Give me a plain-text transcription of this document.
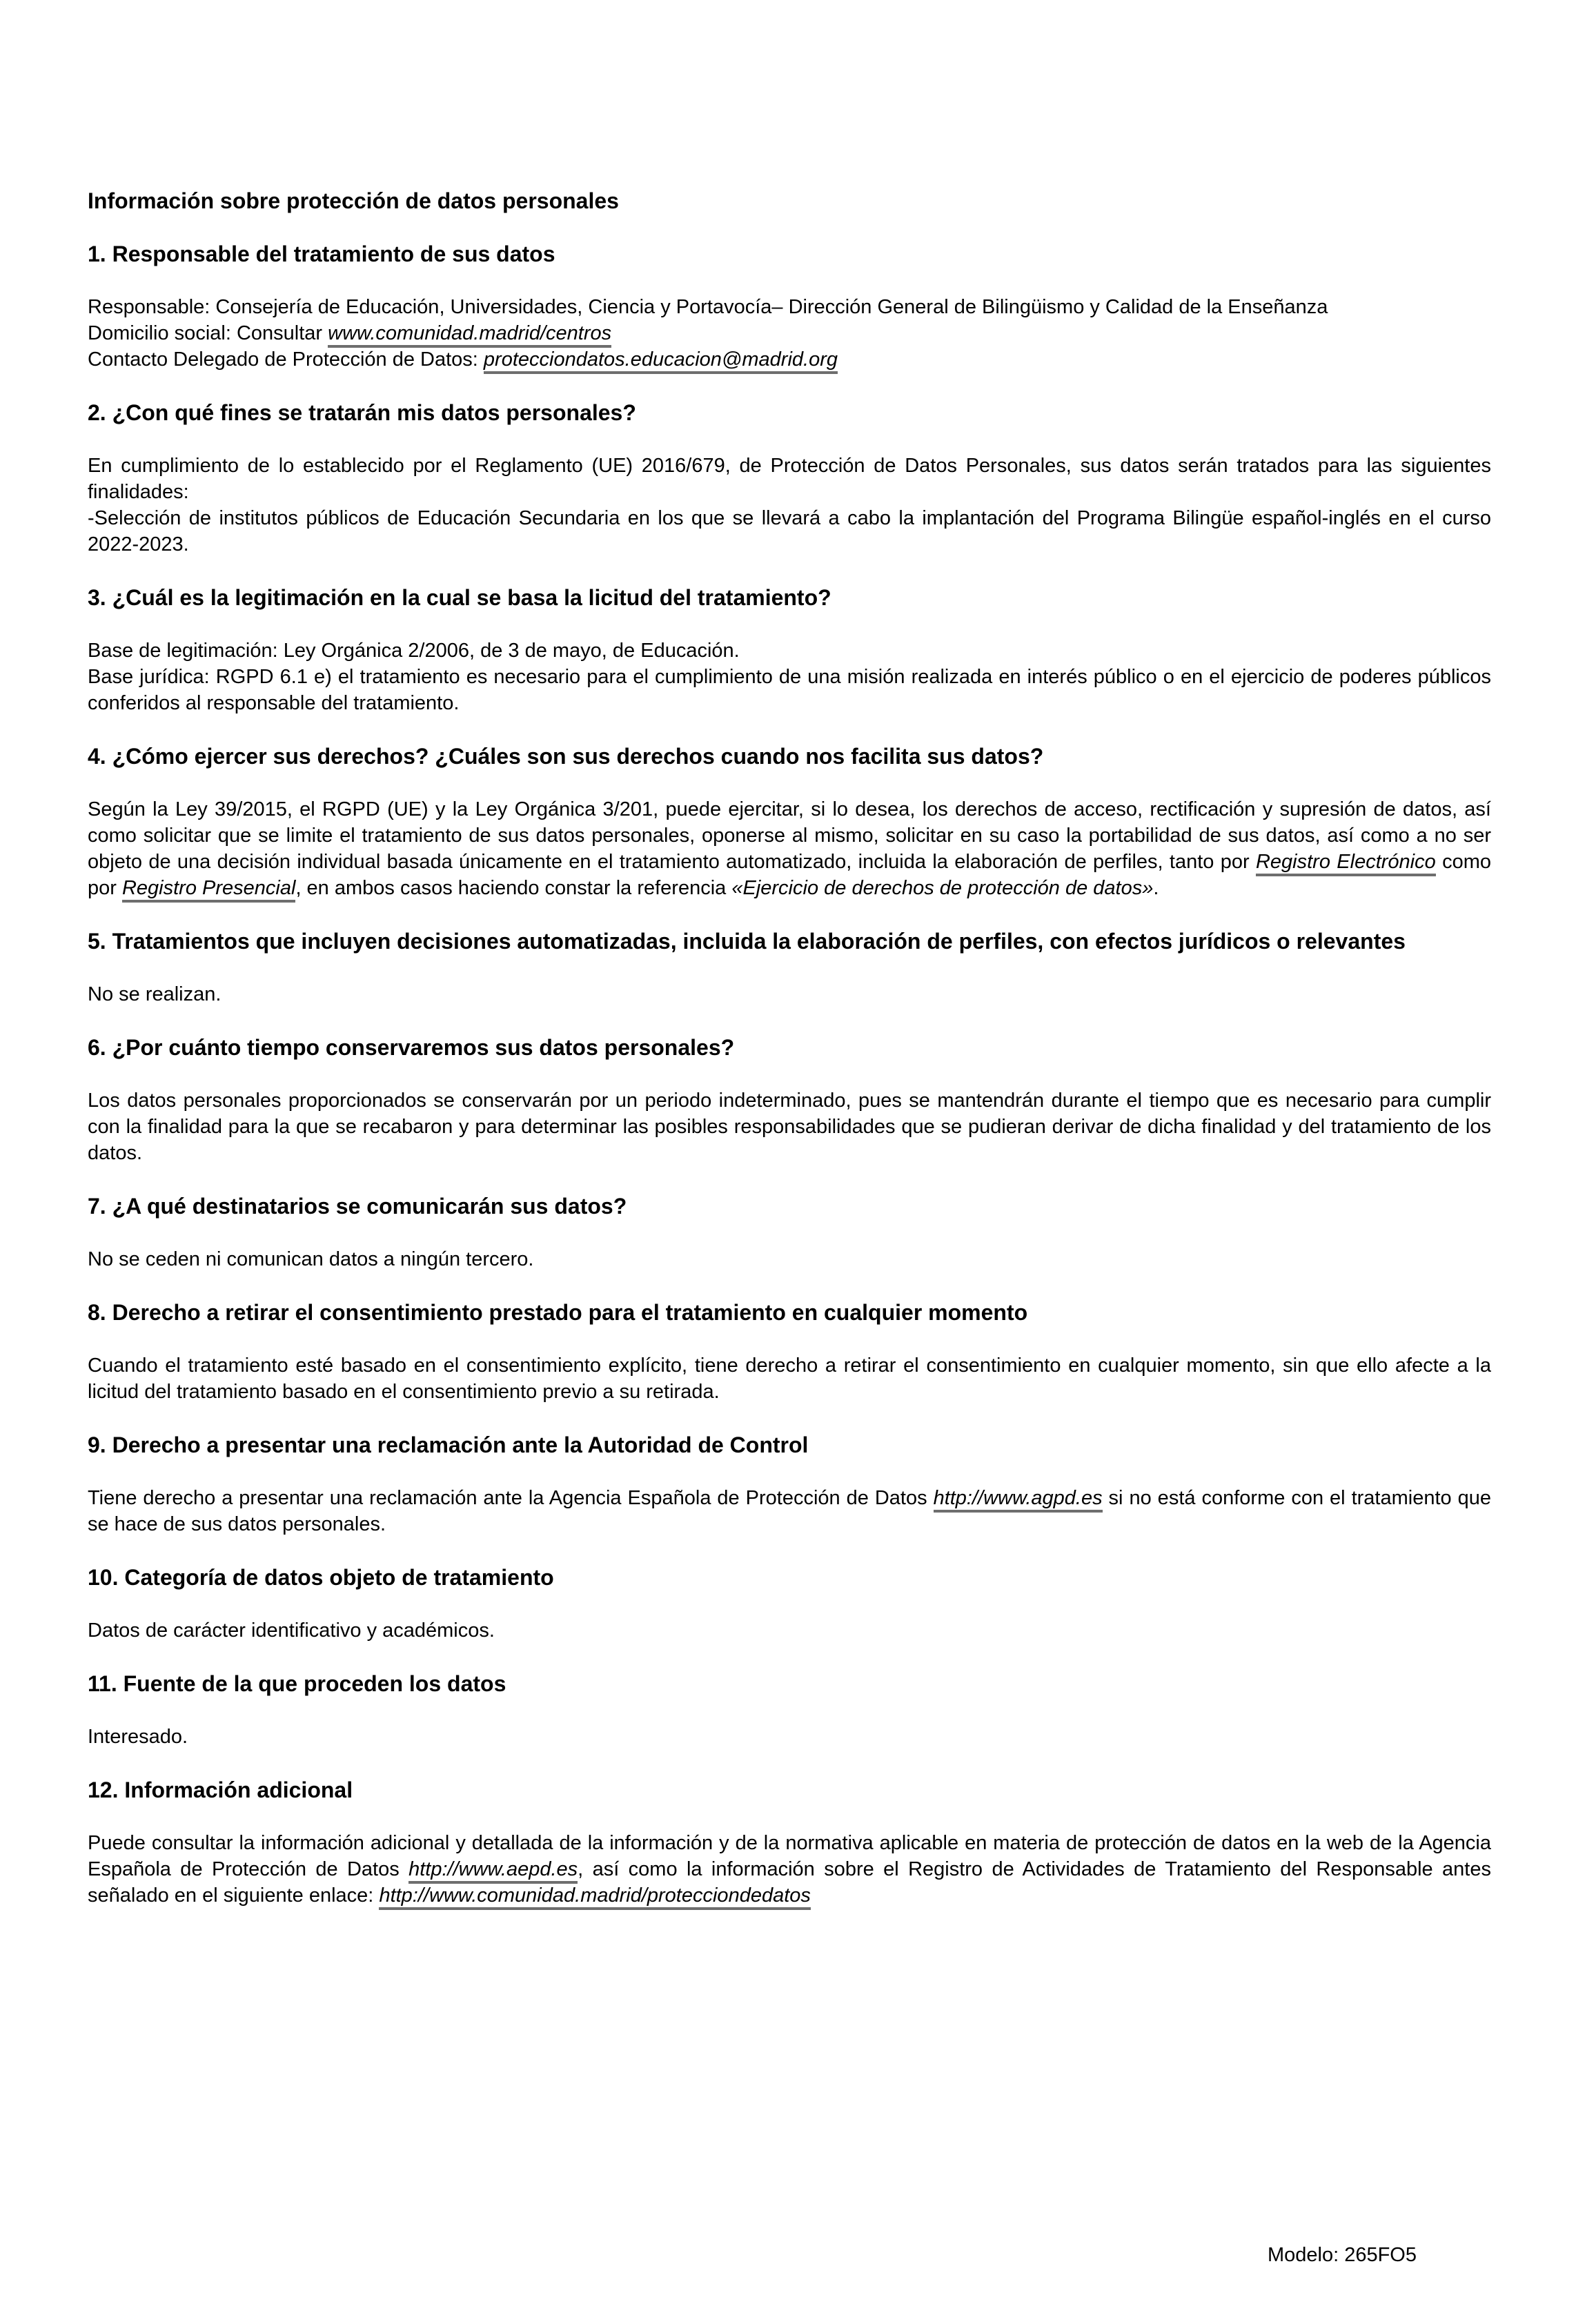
Información sobre protección de datos personales
1. Responsable del tratamiento de sus datos

Responsable: Consejería de Educación, Universidades, Ciencia y Portavocía– Dirección General de Bilingüismo y Calidad de la Enseñanza

Domicilio social: Consultar www.comunidad.madrid/centros

Contacto Delegado de Protección de Datos: protecciondatos.educacion@madrid.org

2. ¿Con qué fines se tratarán mis datos personales?

En cumplimiento de lo establecido por el Reglamento (UE) 2016/679, de Protección de Datos Personales, sus datos serán tratados para las siguientes finalidades:

-Selección de institutos públicos de Educación Secundaria en los que se llevará a cabo la implantación del Programa Bilingüe español-inglés en el curso 2022-2023.

3. ¿Cuál es la legitimación en la cual se basa la licitud del tratamiento?

Base de legitimación: Ley Orgánica 2/2006, de 3 de mayo, de Educación.

Base jurídica: RGPD 6.1 e) el tratamiento es necesario para el cumplimiento de una misión realizada en interés público o en el ejercicio de poderes públicos conferidos al responsable del tratamiento.

4. ¿Cómo ejercer sus derechos? ¿Cuáles son sus derechos cuando nos facilita sus datos?

Según la Ley 39/2015, el RGPD (UE) y la Ley Orgánica 3/201, puede ejercitar, si lo desea, los derechos de acceso, rectificación y supresión de datos, así como solicitar que se limite el tratamiento de sus datos personales, oponerse al mismo, solicitar en su caso la portabilidad de sus datos, así como a no ser objeto de una decisión individual basada únicamente en el tratamiento automatizado, incluida la elaboración de perfiles, tanto por Registro Electrónico como por Registro Presencial, en ambos casos haciendo constar la referencia «Ejercicio de derechos de protección de datos».

5. Tratamientos que incluyen decisiones automatizadas, incluida la elaboración de perfiles, con efectos jurídicos o relevantes

No se realizan.

6. ¿Por cuánto tiempo conservaremos sus datos personales?

Los datos personales proporcionados se conservarán por un periodo indeterminado, pues se mantendrán durante el tiempo que es necesario para cumplir con la finalidad para la que se recabaron y para determinar las posibles responsabilidades que se pudieran derivar de dicha finalidad y del tratamiento de los datos.

7. ¿A qué destinatarios se comunicarán sus datos?

No se ceden ni comunican datos a ningún tercero.

8. Derecho a retirar el consentimiento prestado para el tratamiento en cualquier momento

Cuando el tratamiento esté basado en el consentimiento explícito, tiene derecho a retirar el consentimiento en cualquier momento, sin que ello afecte a la licitud del tratamiento basado en el consentimiento previo a su retirada.

9. Derecho a presentar una reclamación ante la Autoridad de Control

Tiene derecho a presentar una reclamación ante la Agencia Española de Protección de Datos http://www.agpd.es si no está conforme con el tratamiento que se hace de sus datos personales.

10. Categoría de datos objeto de tratamiento

Datos de carácter identificativo y académicos.

11. Fuente de la que proceden los datos

Interesado.

12. Información adicional

Puede consultar la información adicional y detallada de la información y de la normativa aplicable en materia de protección de datos en la web de la Agencia Española de Protección de Datos http://www.aepd.es, así como la información sobre el Registro de Actividades de Tratamiento del Responsable antes señalado en el siguiente enlace: http://www.comunidad.madrid/protecciondedatos

Modelo: 265FO5
